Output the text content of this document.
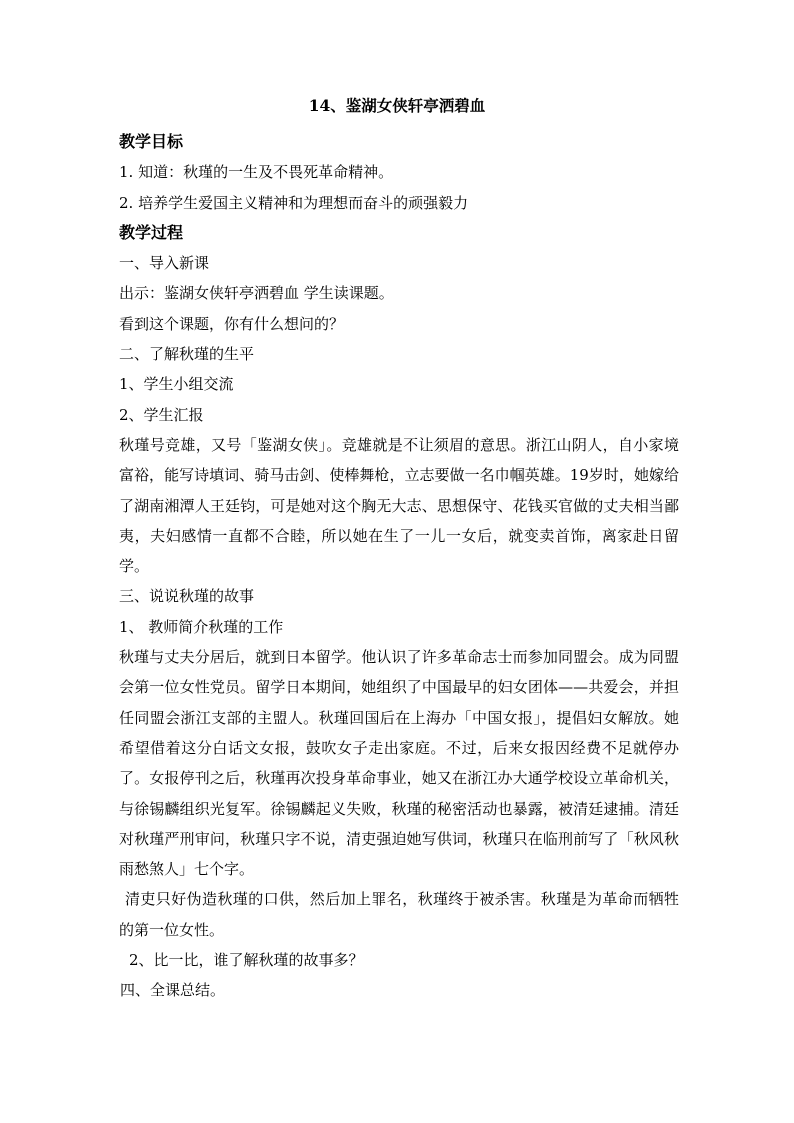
14、鉴湖女侠轩亭洒碧血
教学目标
1. 知道：秋瑾的一生及不畏死革命精神。
2. 培养学生爱国主义精神和为理想而奋斗的顽强毅力
教学过程
一、导入新课
出示：鉴湖女侠轩亭洒碧血 学生读课题。
看到这个课题，你有什么想问的？
二、了解秋瑾的生平
1、学生小组交流
2、学生汇报
秋瑾号竞雄，又号「鉴湖女侠」。竞雄就是不让须眉的意思。浙江山阴人，自小家境富裕，能写诗填词、骑马击剑、使棒舞枪，立志要做一名巾帼英雄。19岁时，她嫁给了湖南湘潭人王廷钧，可是她对这个胸无大志、思想保守、花钱买官做的丈夫相当鄙夷，夫妇感情一直都不合睦，所以她在生了一儿一女后，就变卖首饰，离家赴日留学。
三、说说秋瑾的故事
1、 教师简介秋瑾的工作
秋瑾与丈夫分居后，就到日本留学。他认识了许多革命志士而参加同盟会。成为同盟会第一位女性党员。留学日本期间，她组织了中国最早的妇女团体——共爱会，并担任同盟会浙江支部的主盟人。秋瑾回国后在上海办「中国女报」，提倡妇女解放。她希望借着这分白话文女报，鼓吹女子走出家庭。不过，后来女报因经费不足就停办了。女报停刊之后，秋瑾再次投身革命事业，她又在浙江办大通学校设立革命机关，与徐锡麟组织光复军。徐锡麟起义失败，秋瑾的秘密活动也暴露，被清廷逮捕。清廷对秋瑾严刑审问，秋瑾只字不说，清吏强迫她写供词，秋瑾只在临刑前写了「秋风秋雨愁煞人」七个字。
清吏只好伪造秋瑾的口供，然后加上罪名，秋瑾终于被杀害。秋瑾是为革命而牺牲的第一位女性。
2、比一比，谁了解秋瑾的故事多？
四、全课总结。
